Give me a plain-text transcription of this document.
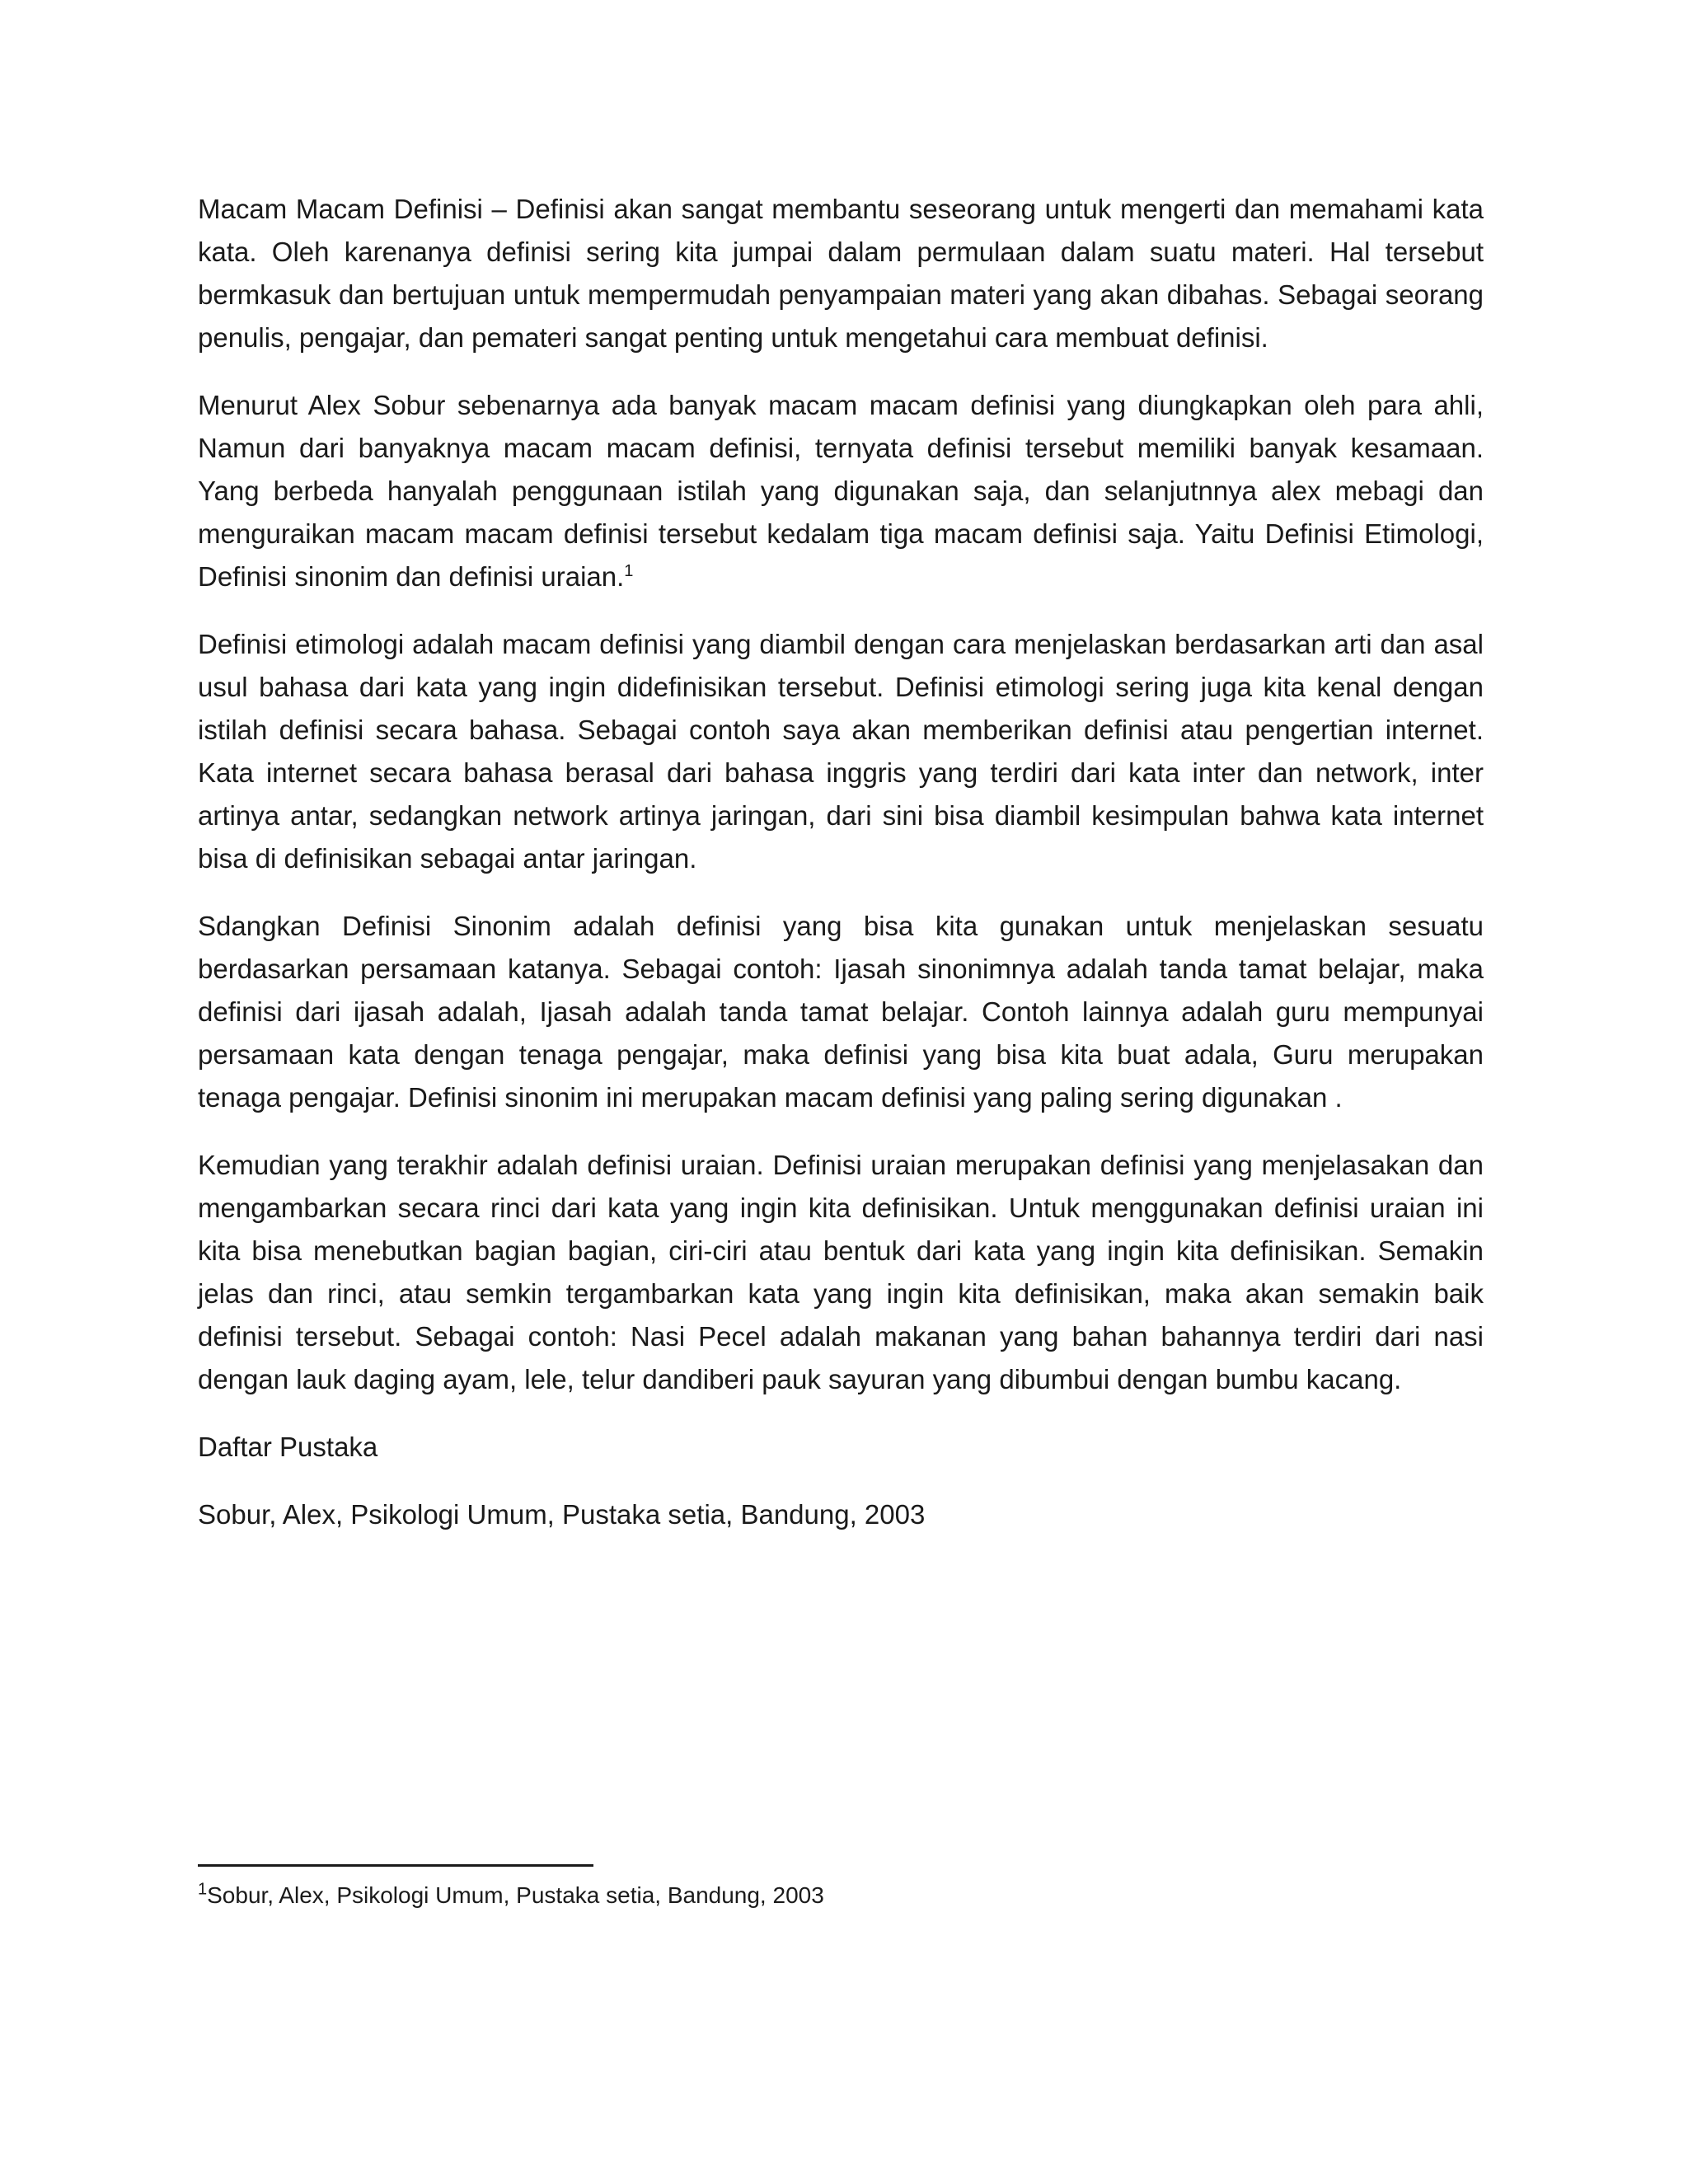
Macam Macam Definisi – Definisi akan sangat membantu seseorang untuk mengerti dan memahami kata kata. Oleh karenanya definisi sering kita jumpai dalam permulaan dalam suatu materi. Hal tersebut bermkasuk dan bertujuan untuk mempermudah penyampaian materi yang akan dibahas. Sebagai seorang penulis, pengajar, dan pemateri sangat penting untuk mengetahui cara membuat definisi.

Menurut Alex Sobur sebenarnya ada banyak macam macam definisi yang diungkapkan oleh para ahli, Namun dari banyaknya macam macam definisi, ternyata definisi tersebut memiliki banyak kesamaan. Yang berbeda hanyalah penggunaan istilah yang digunakan saja, dan selanjutnnya alex mebagi dan menguraikan macam macam definisi tersebut kedalam tiga macam definisi saja. Yaitu Definisi Etimologi, Definisi sinonim dan definisi uraian.$^1$

Definisi etimologi adalah macam definisi yang diambil dengan cara menjelaskan berdasarkan arti dan asal usul bahasa dari kata yang ingin didefinisikan tersebut. Definisi etimologi sering juga kita kenal dengan istilah definisi secara bahasa. Sebagai contoh saya akan memberikan definisi atau pengertian internet. Kata internet secara bahasa berasal dari bahasa inggris yang terdiri dari kata inter dan network, inter artinya antar, sedangkan network artinya jaringan, dari sini bisa diambil kesimpulan bahwa kata internet bisa di definisikan sebagai antar jaringan.

Sdangkan Definisi Sinonim adalah definisi yang bisa kita gunakan untuk menjelaskan sesuatu berdasarkan persamaan katanya. Sebagai contoh: Ijasah sinonimnya adalah tanda tamat belajar, maka definisi dari ijasah adalah, Ijasah adalah tanda tamat belajar. Contoh lainnya adalah guru mempunyai persamaan kata dengan tenaga pengajar, maka definisi yang bisa kita buat adala, Guru merupakan tenaga pengajar. Definisi sinonim ini merupakan macam definisi yang paling sering digunakan .

Kemudian yang terakhir adalah definisi uraian. Definisi uraian merupakan definisi yang menjelasakan dan mengambarkan secara rinci dari kata yang ingin kita definisikan. Untuk menggunakan definisi uraian ini kita bisa menebutkan bagian bagian, ciri-ciri atau bentuk dari kata yang ingin kita definisikan. Semakin jelas dan rinci, atau semkin tergambarkan kata yang ingin kita definisikan, maka akan semakin baik definisi tersebut. Sebagai contoh: Nasi Pecel adalah makanan yang bahan bahannya terdiri dari nasi dengan lauk daging ayam, lele, telur dandiberi pauk sayuran yang dibumbui dengan bumbu kacang.

Daftar Pustaka

Sobur, Alex, Psikologi Umum, Pustaka setia, Bandung, 2003

$^1$Sobur, Alex, Psikologi Umum, Pustaka setia, Bandung, 2003
